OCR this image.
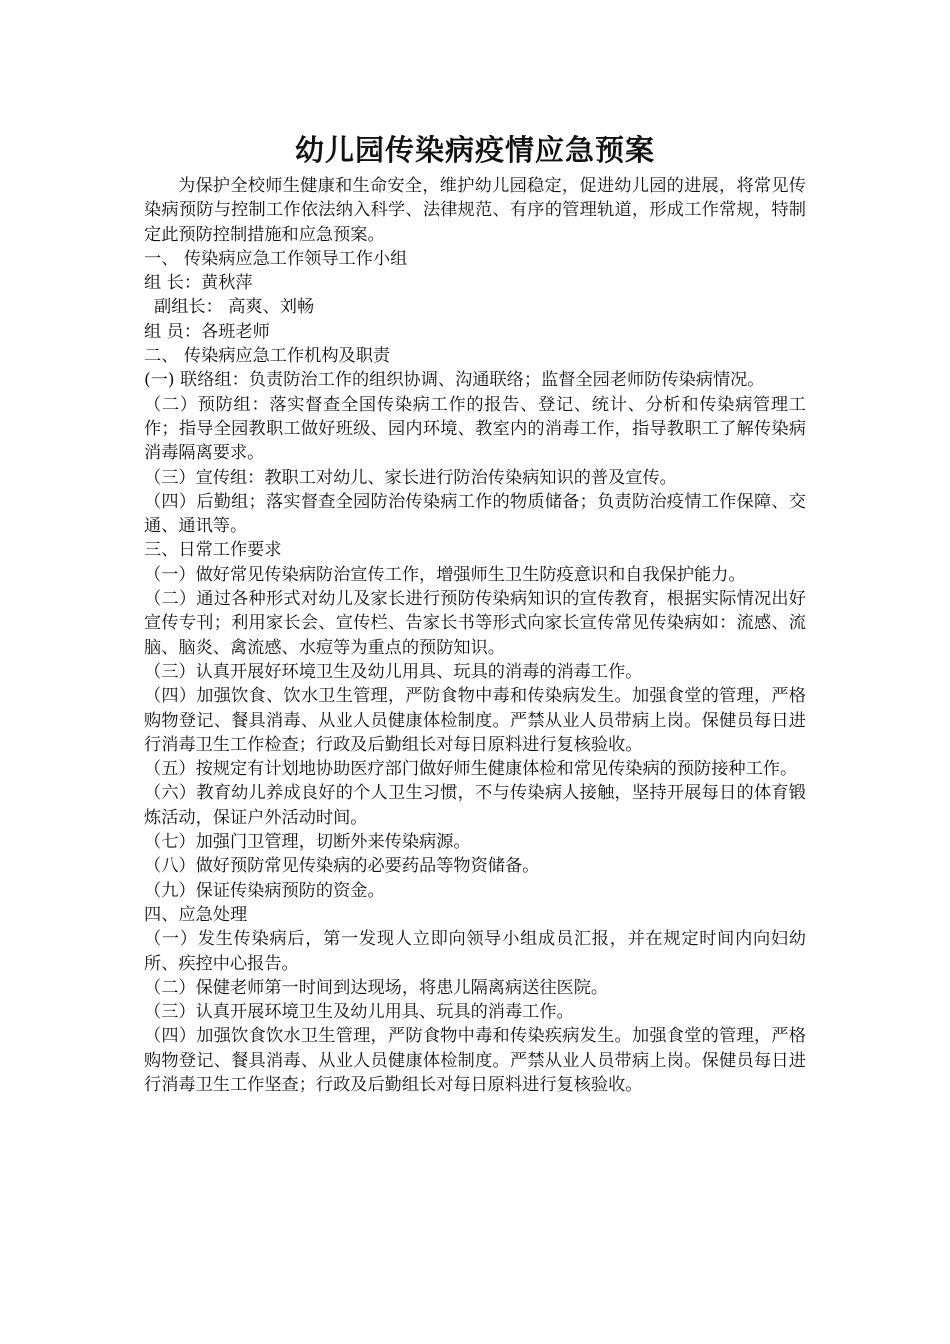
幼儿园传染病疫情应急预案

为保护全校师生健康和生命安全，维护幼儿园稳定，促进幼儿园的进展，将常见传染病预防与控制工作依法纳入科学、法律规范、有序的管理轨道，形成工作常规，特制定此预防控制措施和应急预案。

一、 传染病应急工作领导工作小组

组 长：黄秋萍

副组长： 高爽、刘畅

组 员：各班老师

二、 传染病应急工作机构及职责

(一) 联络组：负责防治工作的组织协调、沟通联络；监督全园老师防传染病情况。

（二）预防组：落实督查全国传染病工作的报告、登记、统计、分析和传染病管理工作；指导全园教职工做好班级、园内环境、教室内的消毒工作，指导教职工了解传染病消毒隔离要求。

（三）宣传组：教职工对幼儿、家长进行防治传染病知识的普及宣传。

（四）后勤组；落实督查全园防治传染病工作的物质储备；负责防治疫情工作保障、交通、通讯等。

三、日常工作要求

（一）做好常见传染病防治宣传工作，增强师生卫生防疫意识和自我保护能力。

（二）通过各种形式对幼儿及家长进行预防传染病知识的宣传教育，根据实际情况出好宣传专刊；利用家长会、宣传栏、告家长书等形式向家长宣传常见传染病如：流感、流脑、脑炎、禽流感、水痘等为重点的预防知识。

（三）认真开展好环境卫生及幼儿用具、玩具的消毒的消毒工作。

（四）加强饮食、饮水卫生管理，严防食物中毒和传染病发生。加强食堂的管理，严格购物登记、餐具消毒、从业人员健康体检制度。严禁从业人员带病上岗。保健员每日进行消毒卫生工作检查；行政及后勤组长对每日原料进行复核验收。

（五）按规定有计划地协助医疗部门做好师生健康体检和常见传染病的预防接种工作。

（六）教育幼儿养成良好的个人卫生习惯，不与传染病人接触，坚持开展每日的体育锻炼活动，保证户外活动时间。

（七）加强门卫管理，切断外来传染病源。

（八）做好预防常见传染病的必要药品等物资储备。

（九）保证传染病预防的资金。

四、应急处理

（一）发生传染病后，第一发现人立即向领导小组成员汇报，并在规定时间内向妇幼所、疾控中心报告。

（二）保健老师第一时间到达现场，将患儿隔离病送往医院。

（三）认真开展环境卫生及幼儿用具、玩具的消毒工作。

（四）加强饮食饮水卫生管理，严防食物中毒和传染疾病发生。加强食堂的管理，严格购物登记、餐具消毒、从业人员健康体检制度。严禁从业人员带病上岗。保健员每日进行消毒卫生工作坚查；行政及后勤组长对每日原料进行复核验收。
